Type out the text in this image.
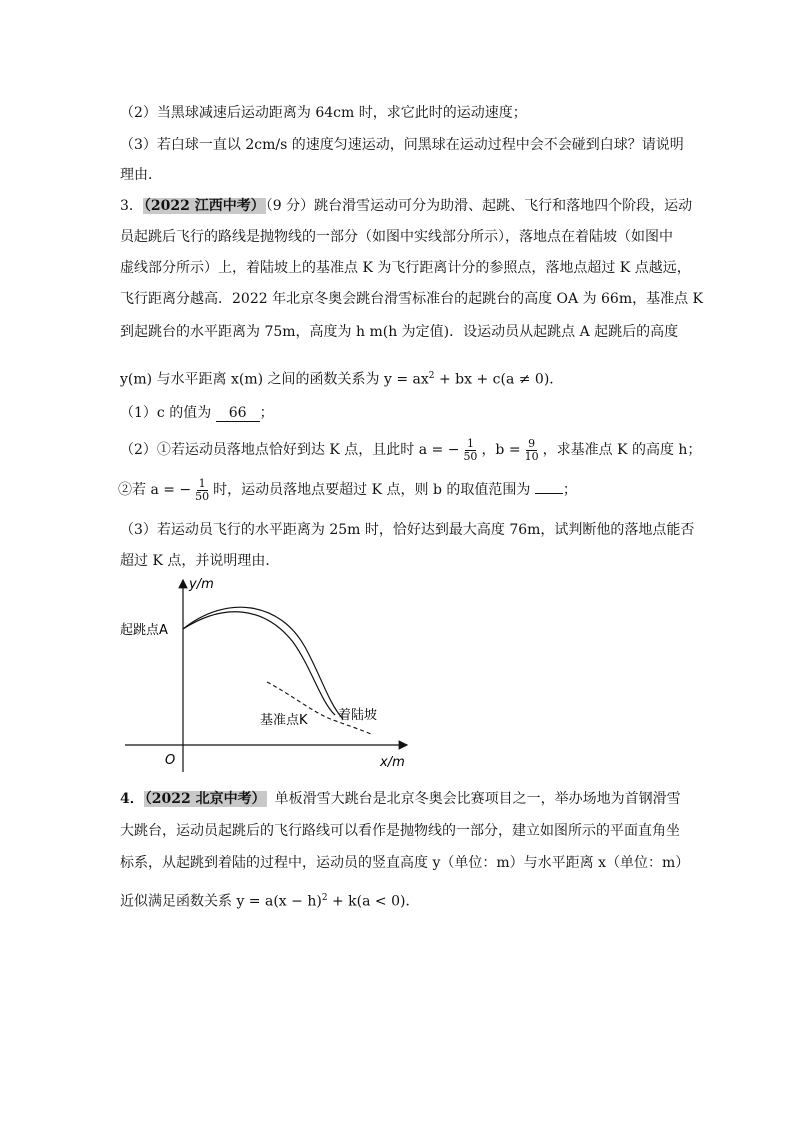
（2）当黑球减速后运动距离为 64cm 时，求它此时的运动速度；
（3）若白球一直以 2cm/s 的速度匀速运动，问黑球在运动过程中会不会碰到白球？请说明
理由．
3．（2022 江西中考）（9 分）跳台滑雪运动可分为助滑、起跳、飞行和落地四个阶段，运动
员起跳后飞行的路线是抛物线的一部分（如图中实线部分所示），落地点在着陆坡（如图中
虚线部分所示）上，着陆坡上的基准点 K 为飞行距离计分的参照点，落地点超过 K 点越远，
飞行距离分越高．2022 年北京冬奥会跳台滑雪标准台的起跳台的高度 OA 为 66m，基准点 K
到起跳台的水平距离为 75m，高度为 h m(h 为定值)．设运动员从起跳点 A 起跳后的高度
y(m) 与水平距离 x(m) 之间的函数关系为 $y = ax^2$ + bx + c(a ≠ 0)．
（1）c 的值为 66 ；
（2）①若运动员落地点恰好到达 K 点，且此时 a = − $\frac{1}{50}$ ，$b = \frac{9}{10}$ ，求基准点 K 的高度 h；
②若 a = − $\frac{1}{50}$ 时，运动员落地点要超过 K 点，则 b 的取值范围为 ；
（3）若运动员飞行的水平距离为 25m 时，恰好达到最大高度 76m，试判断他的落地点能否
超过 K 点，并说明理由．
y/m
x/m
O
起跳点A
基准点K 着陆坡
4．（2022 北京中考） 单板滑雪大跳台是北京冬奥会比赛项目之一，举办场地为首钢滑雪
大跳台，运动员起跳后的飞行路线可以看作是抛物线的一部分，建立如图所示的平面直角坐
标系，从起跳到着陆的过程中，运动员的竖直高度 y（单位：m）与水平距离 x（单位：m）
近似满足函数关系 $y = a(x - h)^2 + k(a < 0)$．
